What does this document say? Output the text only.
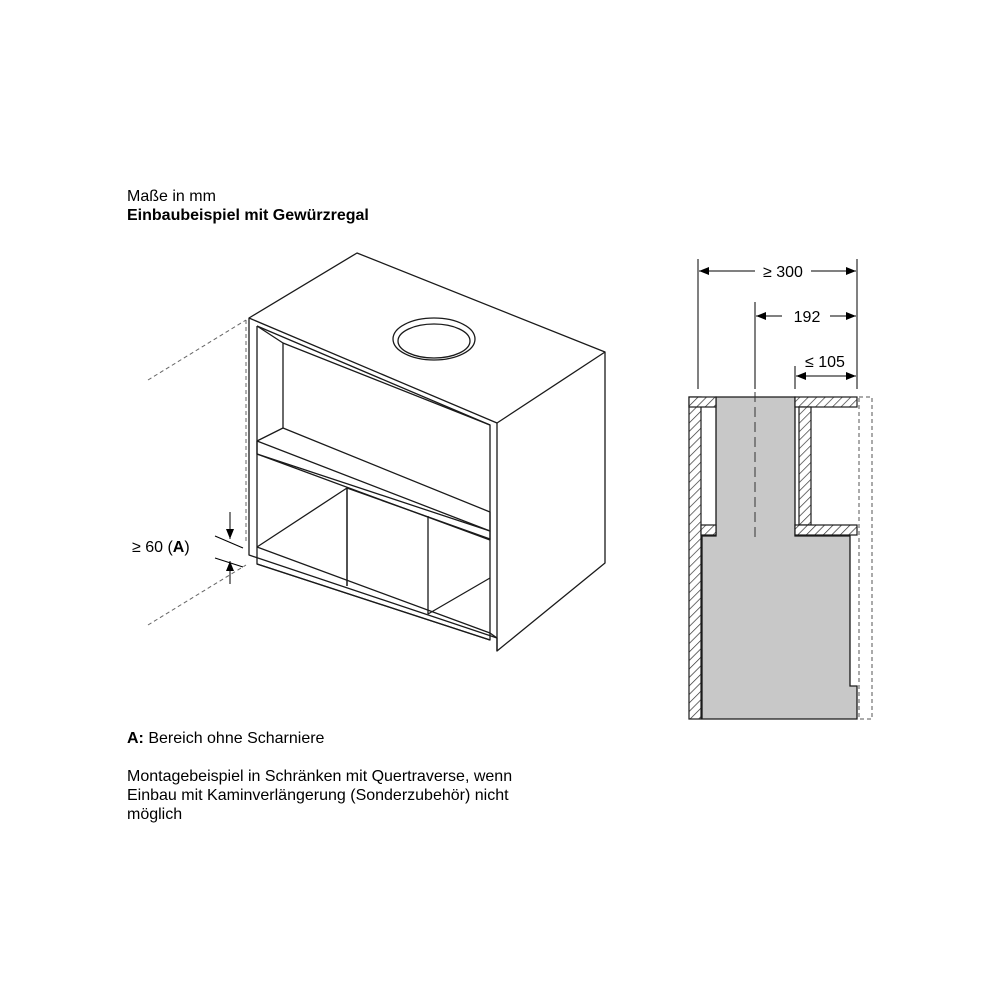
Maße in mm
Einbaubeispiel mit Gewürzregal
≥ 60 (A)
≥ 300
192
≤ 105
A: Bereich ohne Scharniere
Montagebeispiel in Schränken mit Quertraverse, wenn
Einbau mit Kaminverlängerung (Sonderzubehör) nicht
möglich
